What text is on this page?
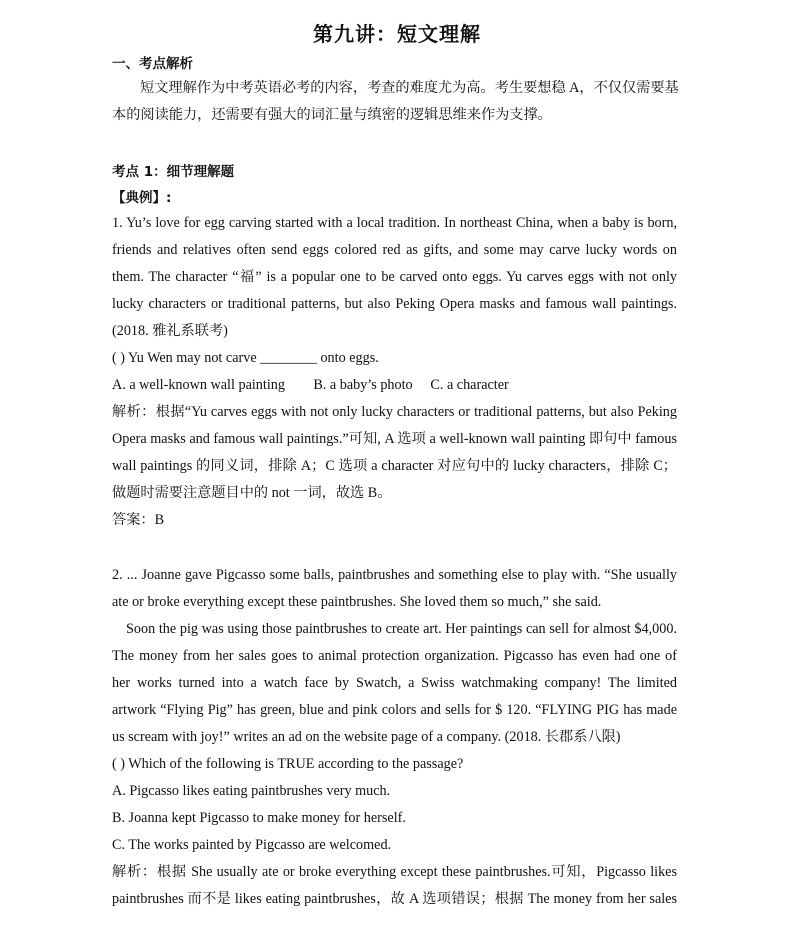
第九讲：短文理解
一、考点解析
短文理解作为中考英语必考的内容，考查的难度尤为高。考生要想稳 A，不仅仅需要基
本的阅读能力，还需要有强大的词汇量与缜密的逻辑思维来作为支撑。
考点 1：细节理解题
【典例】:
1. Yu’s love for egg carving started with a local tradition. In northeast China, when a baby is born,
friends and relatives often send eggs colored red as gifts, and some may carve lucky words on
them. The character “福” is a popular one to be carved onto eggs. Yu carves eggs with not only
lucky characters or traditional patterns, but also Peking Opera masks and famous wall paintings.
(2018. 雅礼系联考)
( ) Yu Wen may not carve ________ onto eggs.
A. a well-known wall painting        B. a baby’s photo     C. a character
解析：根据“Yu carves eggs with not only lucky characters or traditional patterns, but also Peking
Opera masks and famous wall paintings.”可知, A 选项 a well-known wall painting 即句中 famous
wall paintings 的同义词，排除 A；C 选项 a character 对应句中的 lucky characters，排除 C；
做题时需要注意题目中的 not 一词，故选 B。
答案：B
2. ... Joanne gave Pigcasso some balls, paintbrushes and something else to play with. “She usually
ate or broke everything except these paintbrushes. She loved them so much,” she said.
Soon the pig was using those paintbrushes to create art. Her paintings can sell for almost $4,000.
The money from her sales goes to animal protection organization. Pigcasso has even had one of
her works turned into a watch face by Swatch, a Swiss watchmaking company! The limited
artwork “Flying Pig” has green, blue and pink colors and sells for $ 120. “FLYING PIG has made
us scream with joy!” writes an ad on the website page of a company. (2018. 长郡系八限)
( ) Which of the following is TRUE according to the passage?
A. Pigcasso likes eating paintbrushes very much.
B. Joanna kept Pigcasso to make money for herself.
C. The works painted by Pigcasso are welcomed.
解析：根据 She usually ate or broke everything except these paintbrushes.可知，Pigcasso likes
paintbrushes 而不是 likes eating paintbrushes，故 A 选项错误；根据 The money from her sales
